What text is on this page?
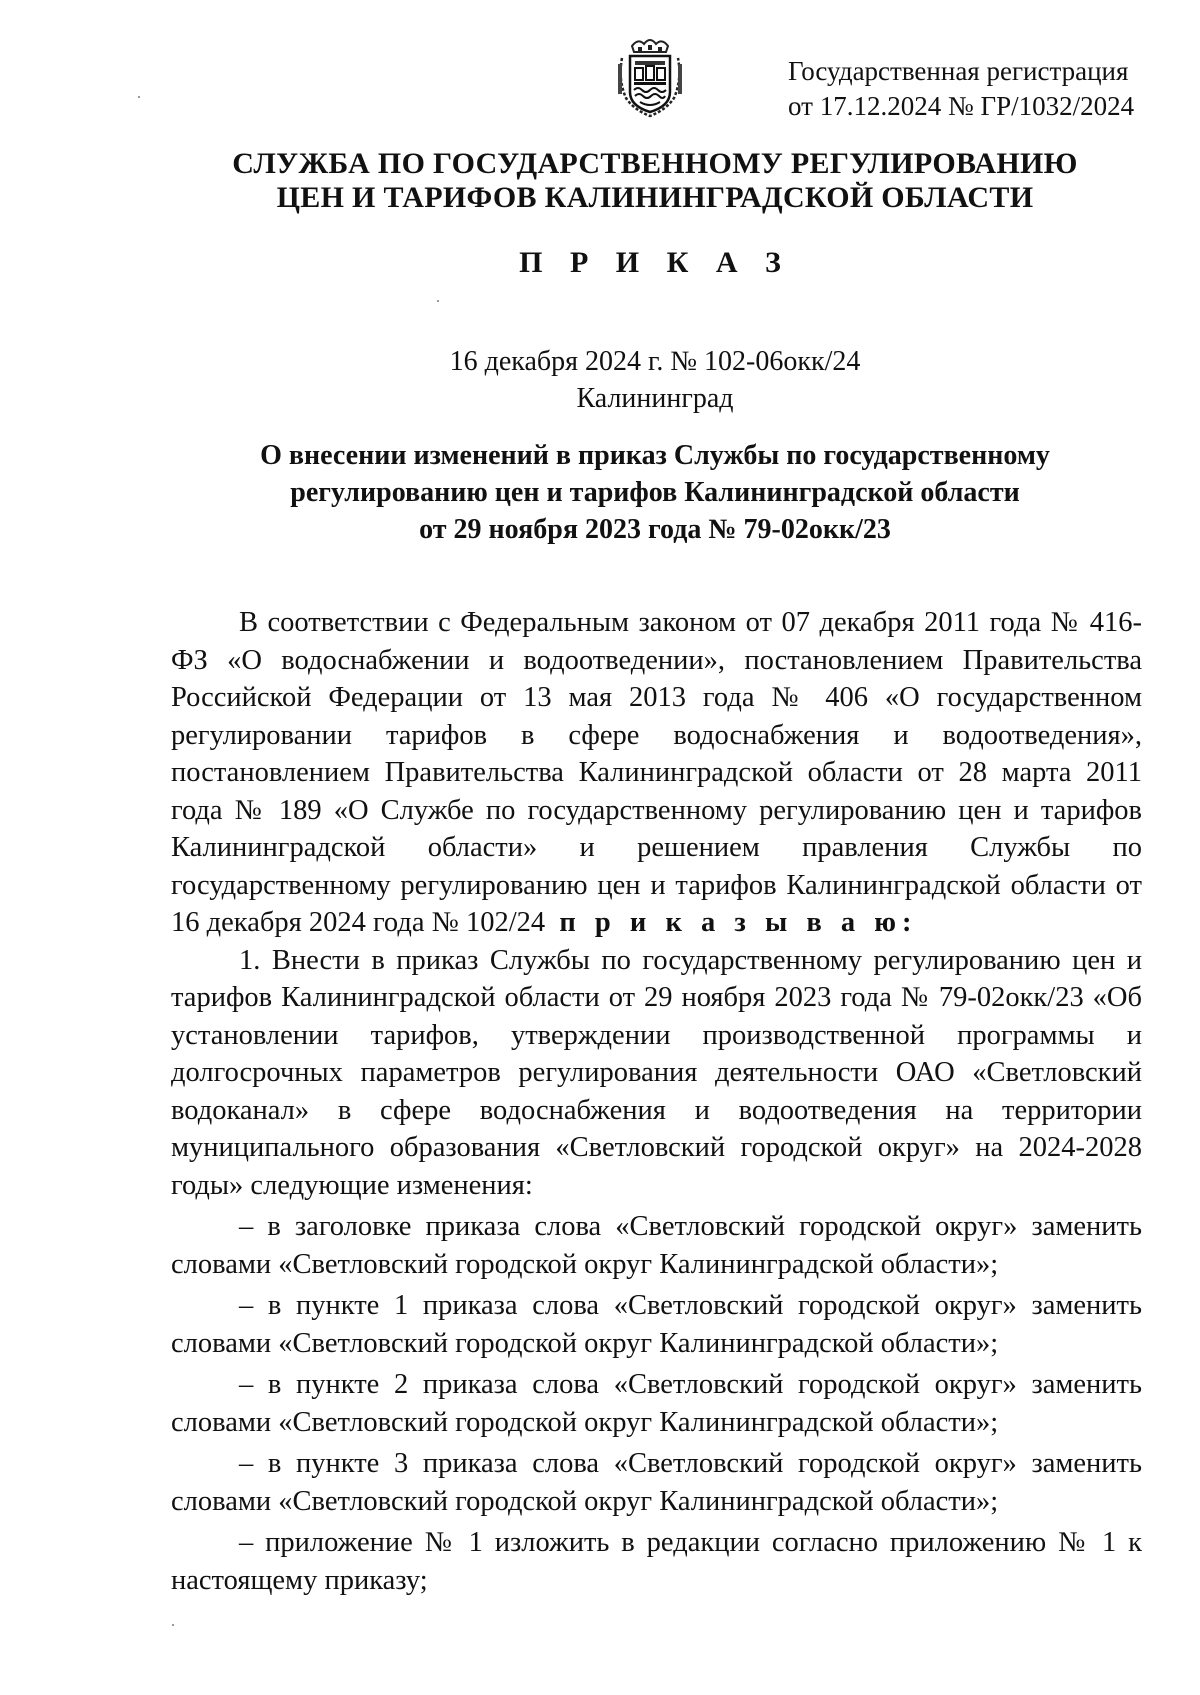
Государственная регистрация
от 17.12.2024 № ГР/1032/2024
СЛУЖБА ПО ГОСУДАРСТВЕННОМУ РЕГУЛИРОВАНИЮ
ЦЕН И ТАРИФОВ КАЛИНИНГРАДСКОЙ ОБЛАСТИ
П Р И К А З
16 декабря 2024 г. № 102-06окк/24
Калининград
О внесении изменений в приказ Службы по государственному
регулированию цен и тарифов Калининградской области
от 29 ноября 2023 года № 79-02окк/23

В соответствии с Федеральным законом от 07 декабря 2011 года № 416-ФЗ «О водоснабжении и водоотведении», постановлением Правительства Российской Федерации от 13 мая 2013 года № 406 «О государственном регулировании тарифов в сфере водоснабжения и водоотведения», постановлением Правительства Калининградской области от 28 марта 2011 года № 189 «О Службе по государственному регулированию цен и тарифов Калининградской области» и решением правления Службы по государственному регулированию цен и тарифов Калининградской области от 16 декабря 2024 года № 102/24 п р и к а з ы в а ю:

1. Внести в приказ Службы по государственному регулированию цен и тарифов Калининградской области от 29 ноября 2023 года № 79-02окк/23 «Об установлении тарифов, утверждении производственной программы и долгосрочных параметров регулирования деятельности ОАО «Светловский водоканал» в сфере водоснабжения и водоотведения на территории муниципального образования «Светловский городской округ» на 2024-2028 годы» следующие изменения:

– в заголовке приказа слова «Светловский городской округ» заменить словами «Светловский городской округ Калининградской области»;

– в пункте 1 приказа слова «Светловский городской округ» заменить словами «Светловский городской округ Калининградской области»;

– в пункте 2 приказа слова «Светловский городской округ» заменить словами «Светловский городской округ Калининградской области»;

– в пункте 3 приказа слова «Светловский городской округ» заменить словами «Светловский городской округ Калининградской области»;

– приложение № 1 изложить в редакции согласно приложению № 1 к настоящему приказу;
